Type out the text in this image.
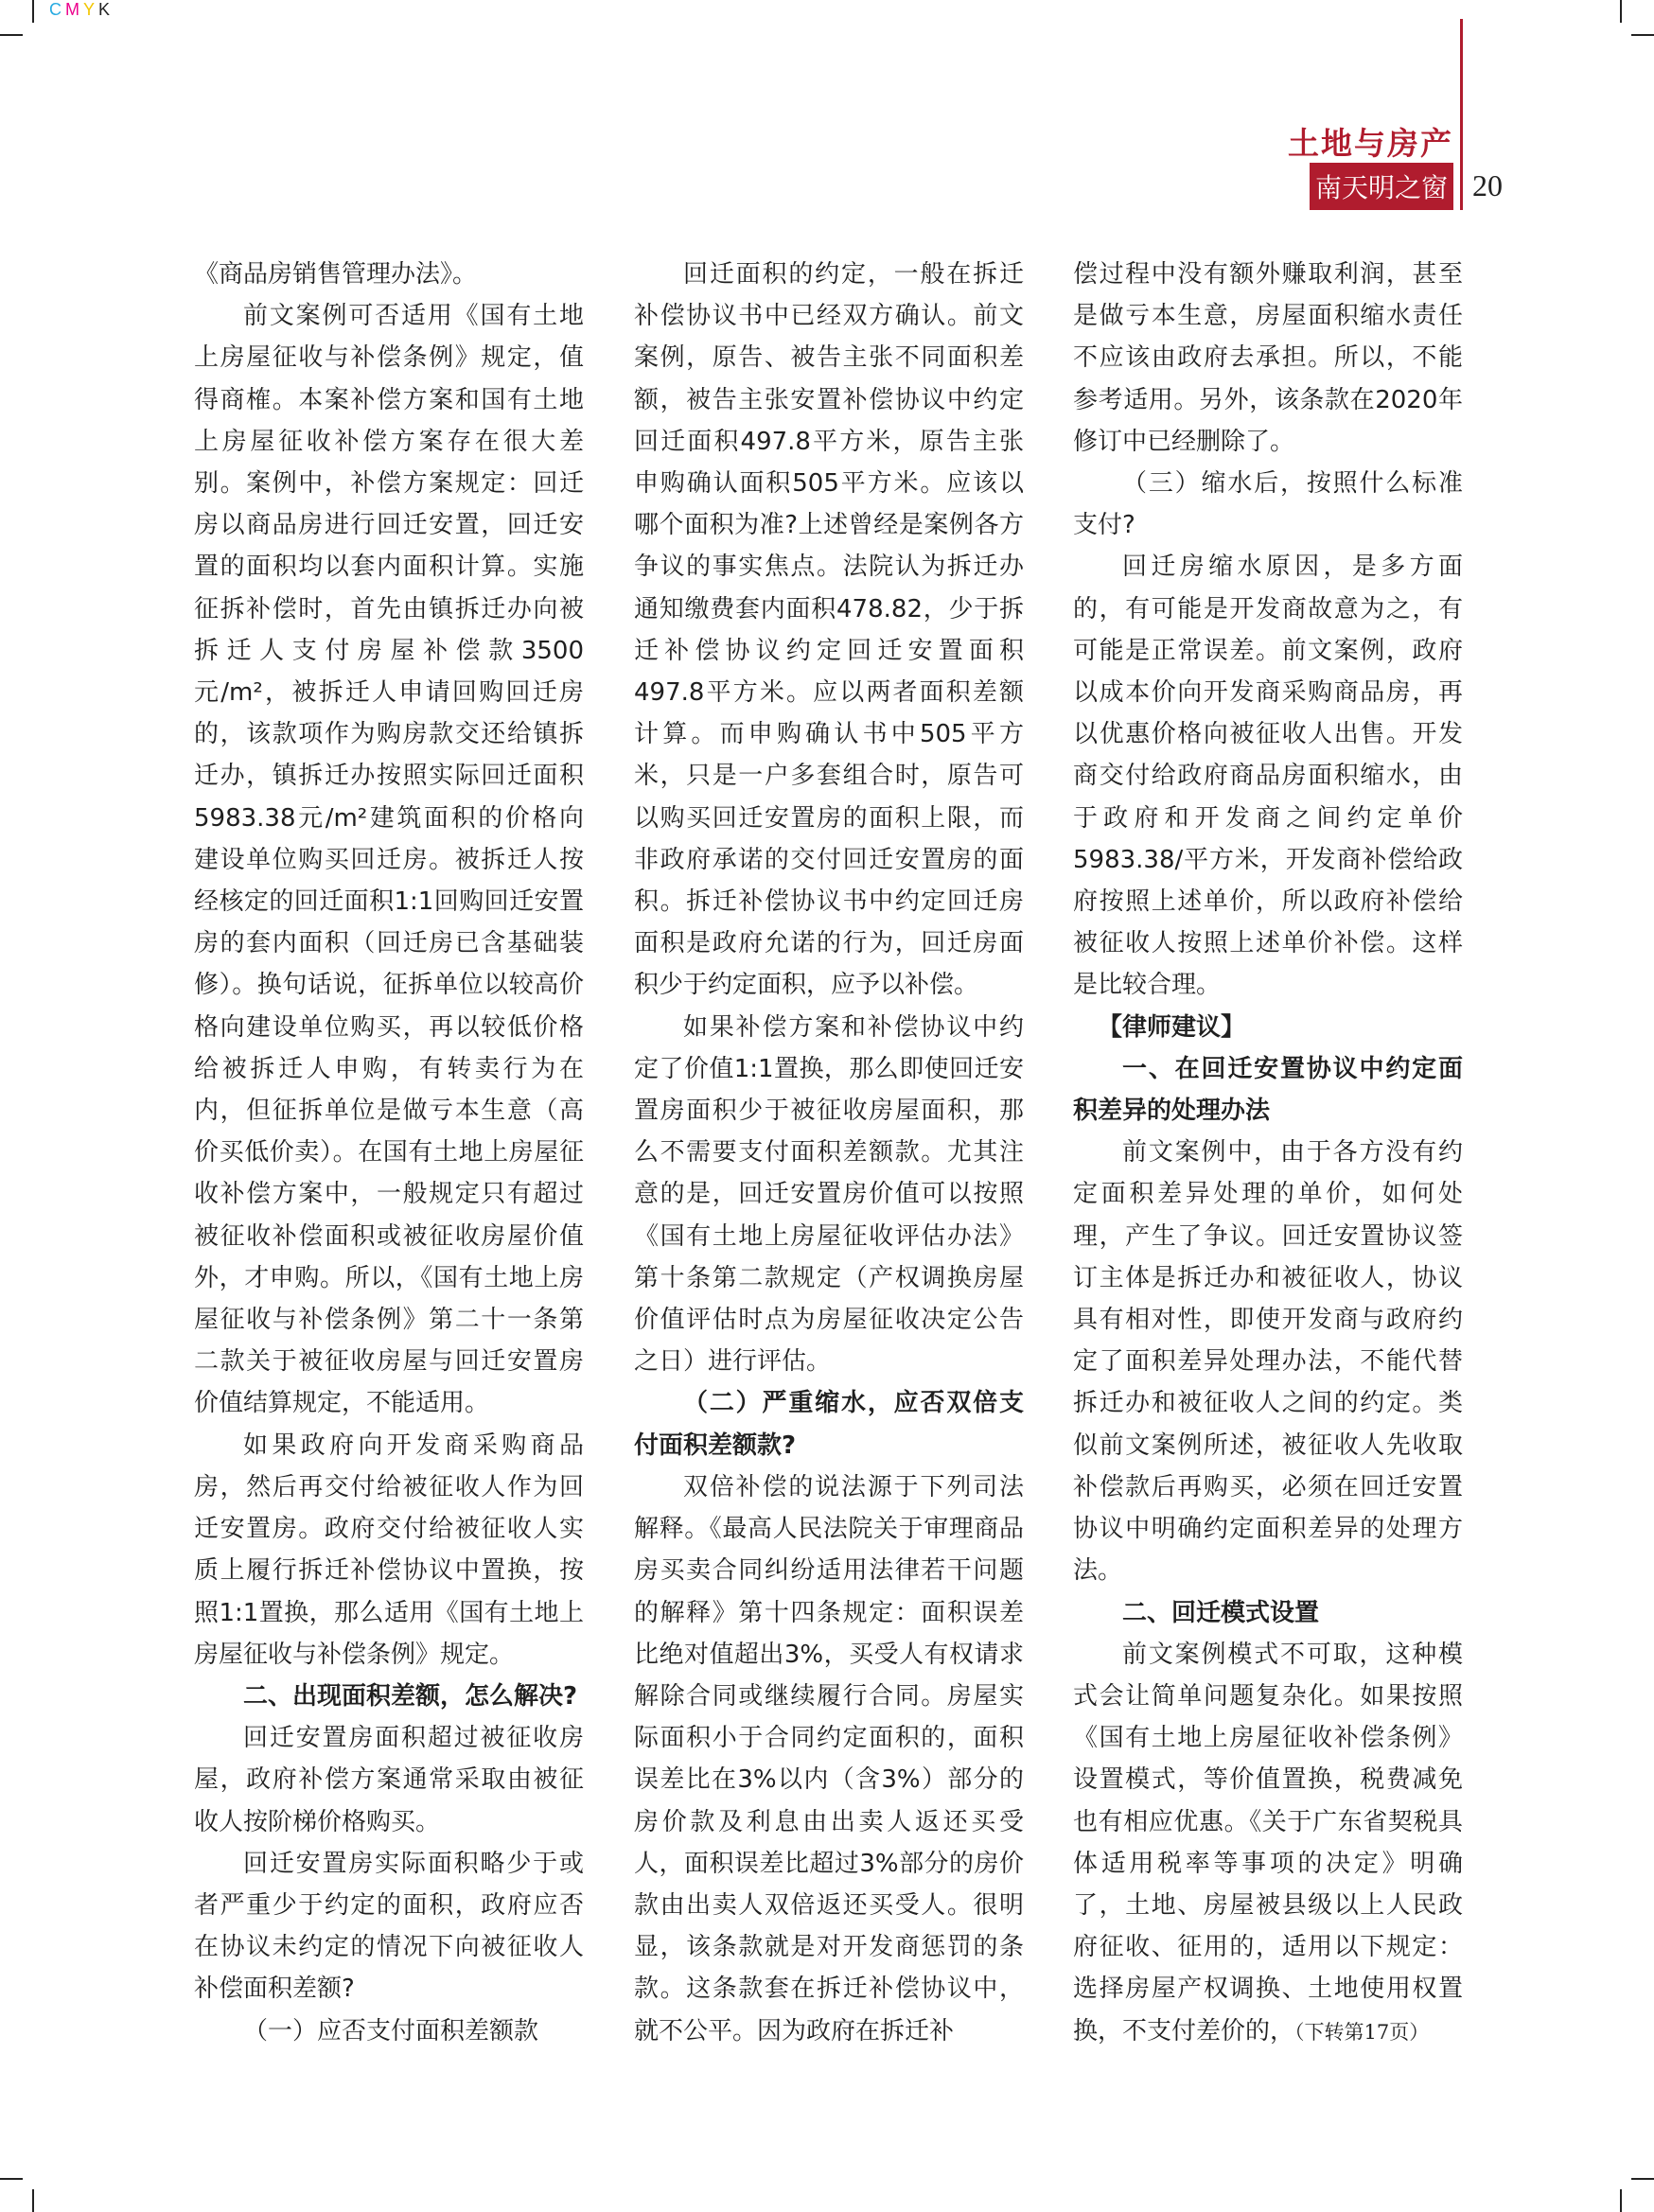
CMYK
土地与房产
南天明之窗 20

《商品房销售管理办法》。

前文案例可否适用《国有土地上房屋征收与补偿条例》规定，值得商榷。本案补偿方案和国有土地上房屋征收补偿方案存在很大差别。案例中，补偿方案规定：回迁房以商品房进行回迁安置，回迁安置的面积均以套内面积计算。实施征拆补偿时，首先由镇拆迁办向被拆迁人支付房屋补偿款3500元/m²，被拆迁人申请回购回迁房的，该款项作为购房款交还给镇拆迁办，镇拆迁办按照实际回迁面积5983.38元/m²建筑面积的价格向建设单位购买回迁房。被拆迁人按经核定的回迁面积1:1回购回迁安置房的套内面积（回迁房已含基础装修）。换句话说，征拆单位以较高价格向建设单位购买，再以较低价格给被拆迁人申购，有转卖行为在内，但征拆单位是做亏本生意（高价买低价卖）。在国有土地上房屋征收补偿方案中，一般规定只有超过被征收补偿面积或被征收房屋价值外，才申购。所以，《国有土地上房屋征收与补偿条例》第二十一条第二款关于被征收房屋与回迁安置房价值结算规定，不能适用。

如果政府向开发商采购商品房，然后再交付给被征收人作为回迁安置房。政府交付给被征收人实质上履行拆迁补偿协议中置换，按照1:1置换，那么适用《国有土地上房屋征收与补偿条例》规定。

二、出现面积差额，怎么解决?

回迁安置房面积超过被征收房屋，政府补偿方案通常采取由被征收人按阶梯价格购买。

回迁安置房实际面积略少于或者严重少于约定的面积，政府应否在协议未约定的情况下向被征收人补偿面积差额?

（一）应否支付面积差额款

回迁面积的约定，一般在拆迁补偿协议书中已经双方确认。前文案例，原告、被告主张不同面积差额，被告主张安置补偿协议中约定回迁面积497.8平方米，原告主张申购确认面积505平方米。应该以哪个面积为准?上述曾经是案例各方争议的事实焦点。法院认为拆迁办通知缴费套内面积478.82，少于拆迁补偿协议约定回迁安置面积497.8平方米。应以两者面积差额计算。而申购确认书中505平方米，只是一户多套组合时，原告可以购买回迁安置房的面积上限，而非政府承诺的交付回迁安置房的面积。拆迁补偿协议书中约定回迁房面积是政府允诺的行为，回迁房面积少于约定面积，应予以补偿。

如果补偿方案和补偿协议中约定了价值1:1置换，那么即使回迁安置房面积少于被征收房屋面积，那么不需要支付面积差额款。尤其注意的是，回迁安置房价值可以按照《国有土地上房屋征收评估办法》第十条第二款规定（产权调换房屋价值评估时点为房屋征收决定公告之日）进行评估。

（二）严重缩水，应否双倍支付面积差额款?

双倍补偿的说法源于下列司法解释。《最高人民法院关于审理商品房买卖合同纠纷适用法律若干问题的解释》第十四条规定：面积误差比绝对值超出3%，买受人有权请求解除合同或继续履行合同。房屋实际面积小于合同约定面积的，面积误差比在3%以内（含3%）部分的房价款及利息由出卖人返还买受人，面积误差比超过3%部分的房价款由出卖人双倍返还买受人。很明显，该条款就是对开发商惩罚的条款。这条款套在拆迁补偿协议中，就不公平。因为政府在拆迁补

偿过程中没有额外赚取利润，甚至是做亏本生意，房屋面积缩水责任不应该由政府去承担。所以，不能参考适用。另外，该条款在2020年修订中已经删除了。

（三）缩水后，按照什么标准支付?

回迁房缩水原因，是多方面的，有可能是开发商故意为之，有可能是正常误差。前文案例，政府以成本价向开发商采购商品房，再以优惠价格向被征收人出售。开发商交付给政府商品房面积缩水，由于政府和开发商之间约定单价5983.38/平方米，开发商补偿给政府按照上述单价，所以政府补偿给被征收人按照上述单价补偿。这样是比较合理。

【律师建议】

一、在回迁安置协议中约定面积差异的处理办法

前文案例中，由于各方没有约定面积差异处理的单价，如何处理，产生了争议。回迁安置协议签订主体是拆迁办和被征收人，协议具有相对性，即使开发商与政府约定了面积差异处理办法，不能代替拆迁办和被征收人之间的约定。类似前文案例所述，被征收人先收取补偿款后再购买，必须在回迁安置协议中明确约定面积差异的处理方法。

二、回迁模式设置

前文案例模式不可取，这种模式会让简单问题复杂化。如果按照《国有土地上房屋征收补偿条例》设置模式，等价值置换，税费减免也有相应优惠。《关于广东省契税具体适用税率等事项的决定》明确了，土地、房屋被县级以上人民政府征收、征用的，适用以下规定：选择房屋产权调换、土地使用权置换，不支付差价的，（下转第17页）
